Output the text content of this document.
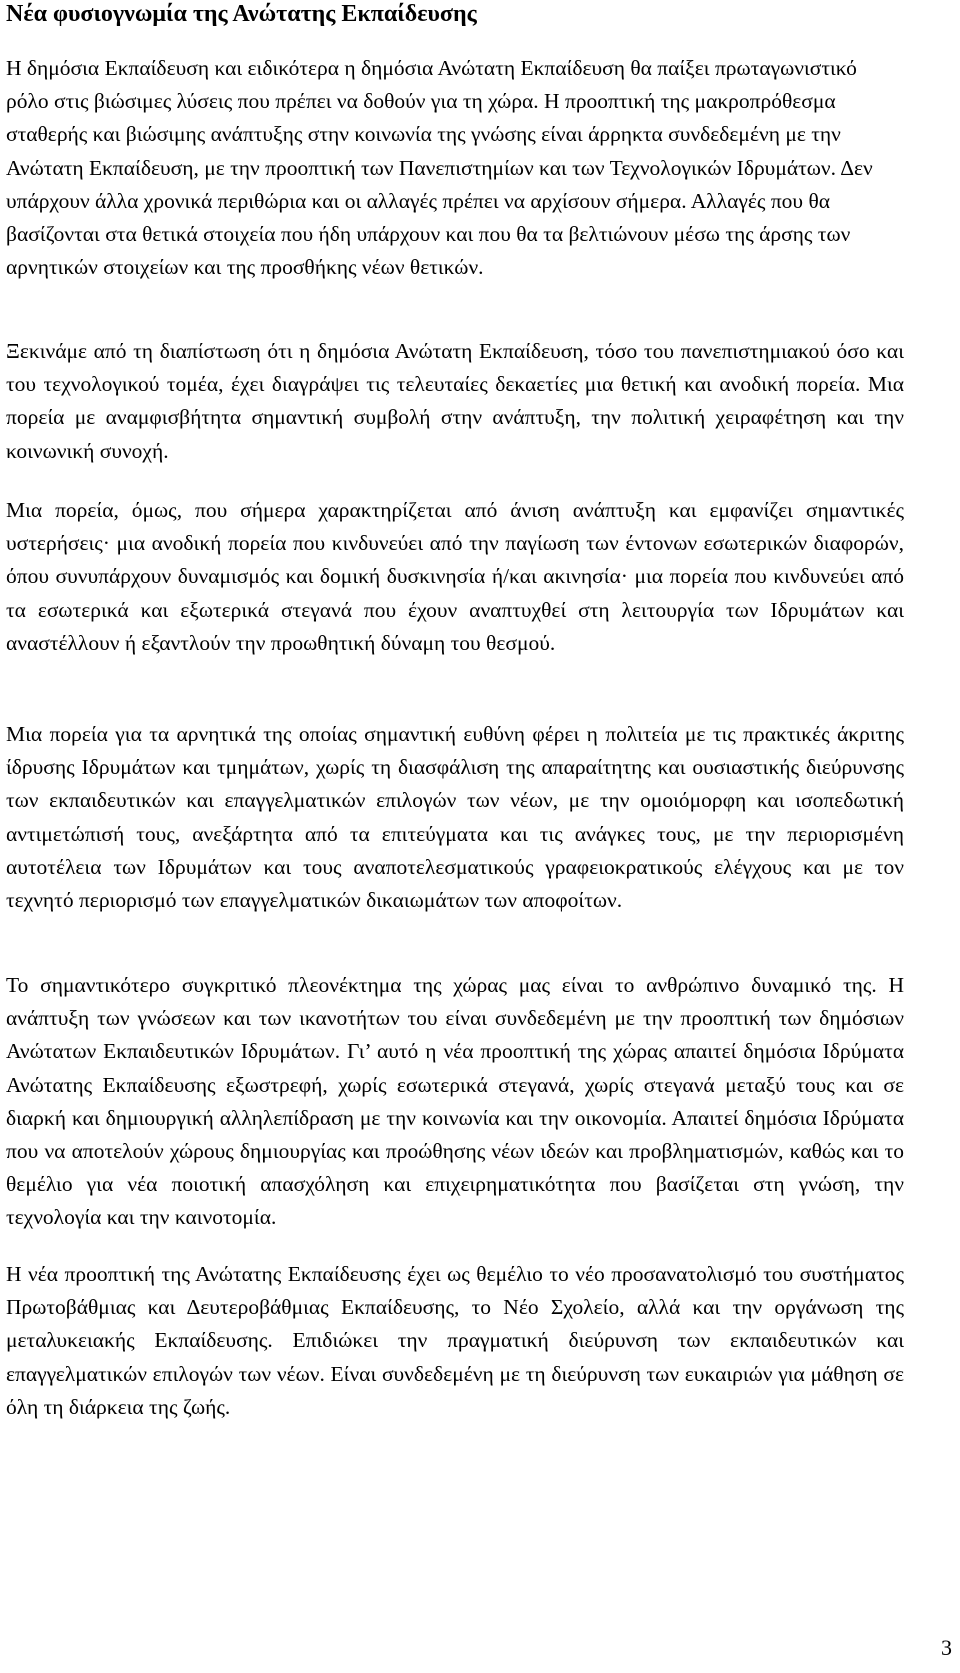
Νέα φυσιογνωμία της Ανώτατης Εκπαίδευσης

Η δημόσια Εκπαίδευση και ειδικότερα η δημόσια Ανώτατη Εκπαίδευση θα παίξει πρωταγωνιστικό ρόλο στις βιώσιμες λύσεις που πρέπει να δοθούν για τη χώρα. Η προοπτική της μακροπρόθεσμα σταθερής και βιώσιμης ανάπτυξης στην κοινωνία της γνώσης είναι άρρηκτα συνδεδεμένη με την Ανώτατη Εκπαίδευση, με την προοπτική των Πανεπιστημίων και των Τεχνολογικών Ιδρυμάτων. Δεν υπάρχουν άλλα χρονικά περιθώρια και οι αλλαγές πρέπει να αρχίσουν σήμερα. Αλλαγές που θα βασίζονται στα θετικά στοιχεία που ήδη υπάρχουν και που θα τα βελτιώνουν μέσω της άρσης των αρνητικών στοιχείων και της προσθήκης νέων θετικών.

Ξεκινάμε από τη διαπίστωση ότι η δημόσια Ανώτατη Εκπαίδευση, τόσο του πανεπιστημιακού όσο και του τεχνολογικού τομέα, έχει διαγράψει τις τελευταίες δεκαετίες μια θετική και ανοδική πορεία. Μια πορεία με αναμφισβήτητα σημαντική συμβολή στην ανάπτυξη, την πολιτική χειραφέτηση και την κοινωνική συνοχή.

Μια πορεία, όμως, που σήμερα χαρακτηρίζεται από άνιση ανάπτυξη και εμφανίζει σημαντικές υστερήσεις· μια ανοδική πορεία που κινδυνεύει από την παγίωση των έντονων εσωτερικών διαφορών, όπου συνυπάρχουν δυναμισμός και δομική δυσκινησία ή/και ακινησία· μια πορεία που κινδυνεύει από τα εσωτερικά και εξωτερικά στεγανά που έχουν αναπτυχθεί στη λειτουργία των Ιδρυμάτων και αναστέλλουν ή εξαντλούν την προωθητική δύναμη του θεσμού.

Μια πορεία για τα αρνητικά της οποίας σημαντική ευθύνη φέρει η πολιτεία με τις πρακτικές άκριτης ίδρυσης Ιδρυμάτων και τμημάτων, χωρίς τη διασφάλιση της απαραίτητης και ουσιαστικής διεύρυνσης των εκπαιδευτικών και επαγγελματικών επιλογών των νέων, με την ομοιόμορφη και ισοπεδωτική αντιμετώπισή τους, ανεξάρτητα από τα επιτεύγματα και τις ανάγκες τους, με την περιορισμένη αυτοτέλεια των Ιδρυμάτων και τους αναποτελεσματικούς γραφειοκρατικούς ελέγχους και με τον τεχνητό περιορισμό των επαγγελματικών δικαιωμάτων των αποφοίτων.

Το σημαντικότερο συγκριτικό πλεονέκτημα της χώρας μας είναι το ανθρώπινο δυναμικό της. Η ανάπτυξη των γνώσεων και των ικανοτήτων του είναι συνδεδεμένη με την προοπτική των δημόσιων Ανώτατων Εκπαιδευτικών Ιδρυμάτων. Γι’ αυτό η νέα προοπτική της χώρας απαιτεί δημόσια Ιδρύματα Ανώτατης Εκπαίδευσης εξωστρεφή, χωρίς εσωτερικά στεγανά, χωρίς στεγανά μεταξύ τους και σε διαρκή και δημιουργική αλληλεπίδραση με την κοινωνία και την οικονομία. Απαιτεί δημόσια Ιδρύματα που να αποτελούν χώρους δημιουργίας και προώθησης νέων ιδεών και προβληματισμών, καθώς και το θεμέλιο για νέα ποιοτική απασχόληση και επιχειρηματικότητα που βασίζεται στη γνώση, την τεχνολογία και την καινοτομία.

Η νέα προοπτική της Ανώτατης Εκπαίδευσης έχει ως θεμέλιο το νέο προσανατολισμό του συστήματος Πρωτοβάθμιας και Δευτεροβάθμιας Εκπαίδευσης, το Νέο Σχολείο, αλλά και την οργάνωση της μεταλυκειακής Εκπαίδευσης. Επιδιώκει την πραγματική διεύρυνση των εκπαιδευτικών και επαγγελματικών επιλογών των νέων. Είναι συνδεδεμένη με τη διεύρυνση των ευκαιριών για μάθηση σε όλη τη διάρκεια της ζωής.

3
